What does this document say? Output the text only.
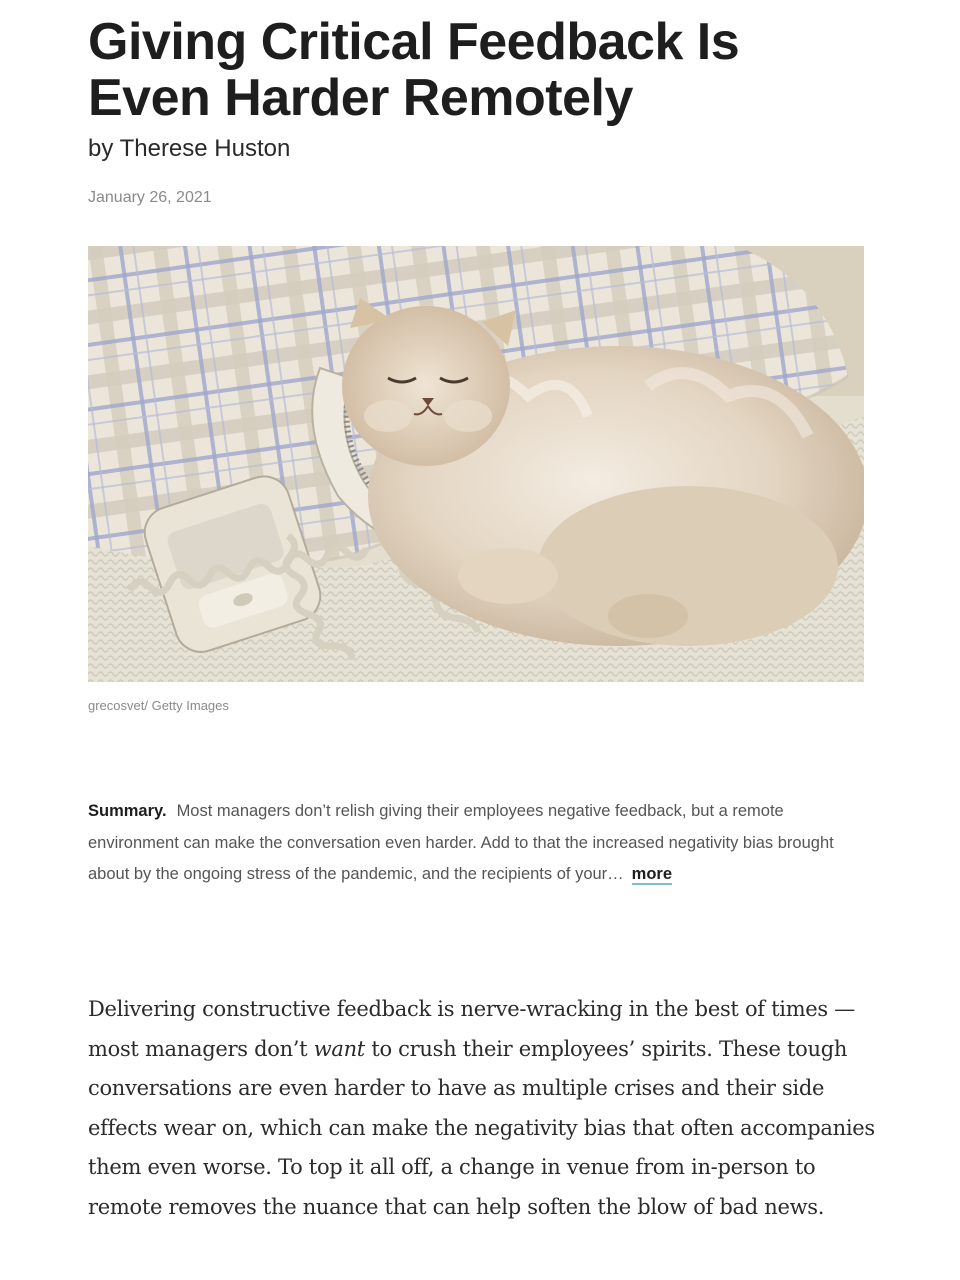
Giving Critical Feedback Is Even Harder Remotely
by Therese Huston
January 26, 2021
grecosvet/ Getty Images
Summary. Most managers don’t relish giving their employees negative feedback, but a remote environment can make the conversation even harder. Add to that the increased negativity bias brought about by the ongoing stress of the pandemic, and the recipients of your… more

Delivering constructive feedback is nerve-wracking in the best of times — most managers don’t want to crush their employees’ spirits. These tough conversations are even harder to have as multiple crises and their side effects wear on, which can make the negativity bias that often accompanies them even worse. To top it all off, a change in venue from in-person to remote removes the nuance that can help soften the blow of bad news.
